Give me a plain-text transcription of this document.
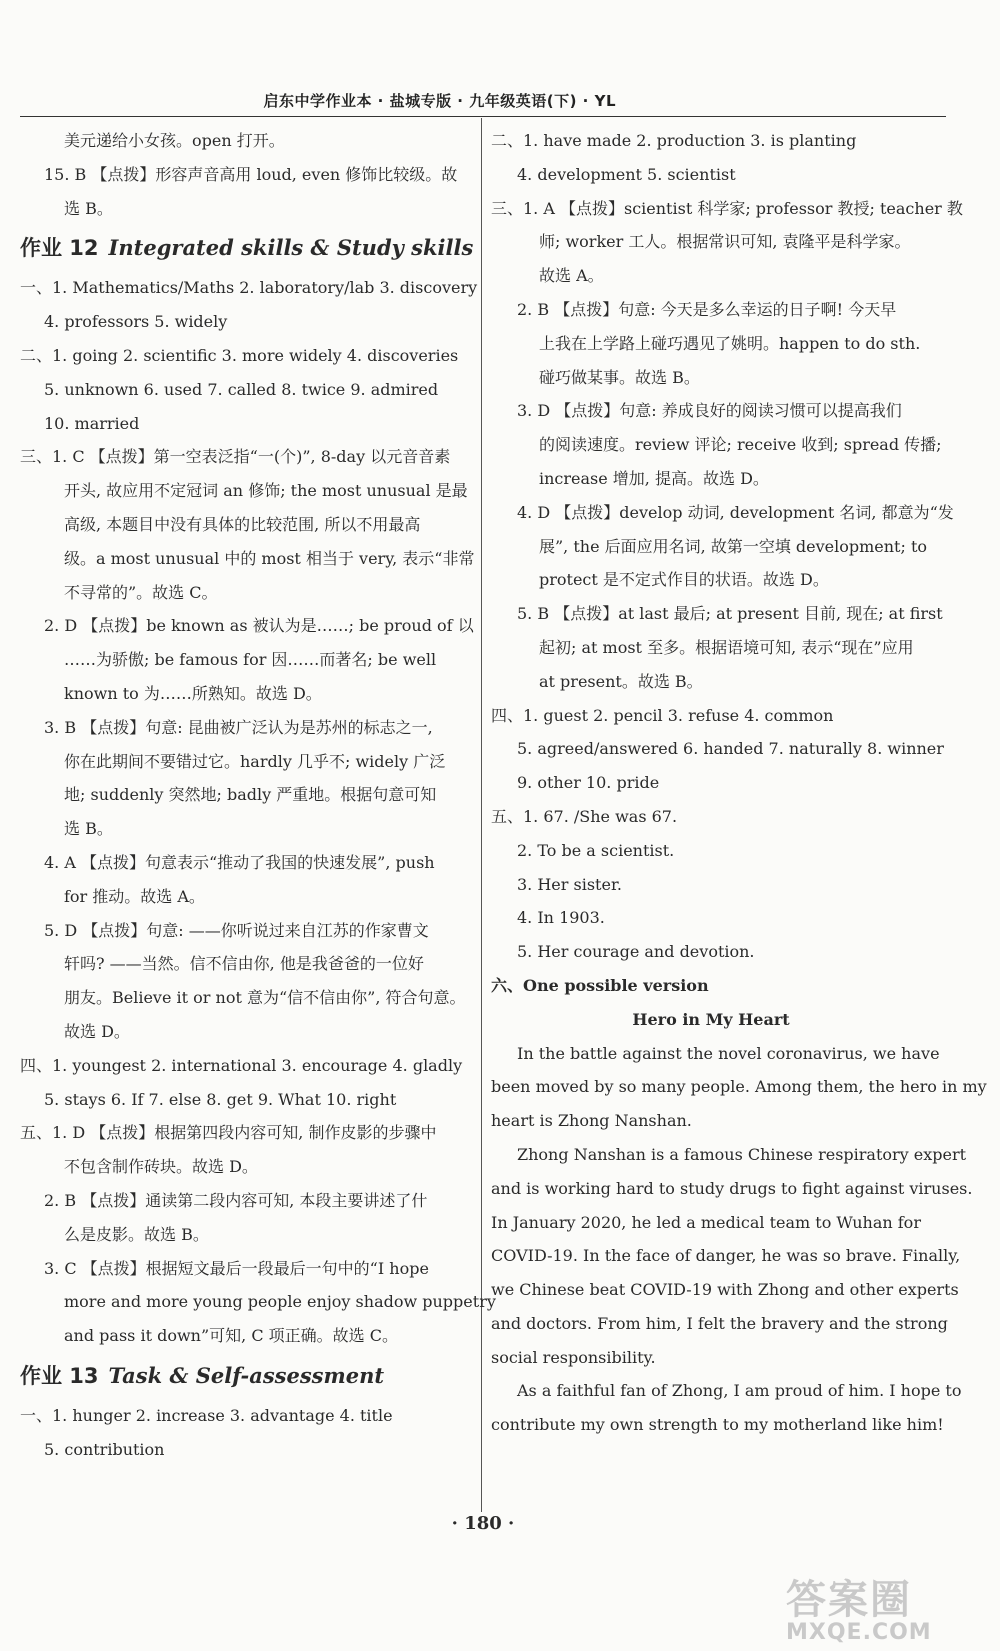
启东中学作业本 · 盐城专版 · 九年级英语(下) · YL
美元递给小女孩。open 打开。
15. B 【点拨】形容声音高用 loud, even 修饰比较级。故
选 B。
作业 12 Integrated skills & Study skills
一、1. Mathematics/Maths 2. laboratory/lab 3. discovery
4. professors 5. widely
二、1. going 2. scientific 3. more widely 4. discoveries
5. unknown 6. used 7. called 8. twice 9. admired
10. married
三、1. C 【点拨】第一空表泛指“一(个)”, 8-day 以元音音素
开头, 故应用不定冠词 an 修饰; the most unusual 是最
高级, 本题目中没有具体的比较范围, 所以不用最高
级。a most unusual 中的 most 相当于 very, 表示“非常
不寻常的”。故选 C。
2. D 【点拨】be known as 被认为是……; be proud of 以
……为骄傲; be famous for 因……而著名; be well
known to 为……所熟知。故选 D。
3. B 【点拨】句意: 昆曲被广泛认为是苏州的标志之一,
你在此期间不要错过它。hardly 几乎不; widely 广泛
地; suddenly 突然地; badly 严重地。根据句意可知
选 B。
4. A 【点拨】句意表示“推动了我国的快速发展”, push
for 推动。故选 A。
5. D 【点拨】句意: ——你听说过来自江苏的作家曹文
轩吗? ——当然。信不信由你, 他是我爸爸的一位好
朋友。Believe it or not 意为“信不信由你”, 符合句意。
故选 D。
四、1. youngest 2. international 3. encourage 4. gladly
5. stays 6. If 7. else 8. get 9. What 10. right
五、1. D 【点拨】根据第四段内容可知, 制作皮影的步骤中
不包含制作砖块。故选 D。
2. B 【点拨】通读第二段内容可知, 本段主要讲述了什
么是皮影。故选 B。
3. C 【点拨】根据短文最后一段最后一句中的“I hope
more and more young people enjoy shadow puppetry
and pass it down”可知, C 项正确。故选 C。
作业 13 Task & Self-assessment
一、1. hunger 2. increase 3. advantage 4. title
5. contribution
二、1. have made 2. production 3. is planting
4. development 5. scientist
三、1. A 【点拨】scientist 科学家; professor 教授; teacher 教
师; worker 工人。根据常识可知, 袁隆平是科学家。
故选 A。
2. B 【点拨】句意: 今天是多么幸运的日子啊! 今天早
上我在上学路上碰巧遇见了姚明。happen to do sth.
碰巧做某事。故选 B。
3. D 【点拨】句意: 养成良好的阅读习惯可以提高我们
的阅读速度。review 评论; receive 收到; spread 传播;
increase 增加, 提高。故选 D。
4. D 【点拨】develop 动词, development 名词, 都意为“发
展”, the 后面应用名词, 故第一空填 development; to
protect 是不定式作目的状语。故选 D。
5. B 【点拨】at last 最后; at present 目前, 现在; at first
起初; at most 至多。根据语境可知, 表示“现在”应用
at present。故选 B。
四、1. guest 2. pencil 3. refuse 4. common
5. agreed/answered 6. handed 7. naturally 8. winner
9. other 10. pride
五、1. 67. /She was 67.
2. To be a scientist.
3. Her sister.
4. In 1903.
5. Her courage and devotion.
六、One possible version
Hero in My Heart
In the battle against the novel coronavirus, we have
been moved by so many people. Among them, the hero in my
heart is Zhong Nanshan.
Zhong Nanshan is a famous Chinese respiratory expert
and is working hard to study drugs to fight against viruses.
In January 2020, he led a medical team to Wuhan for
COVID-19. In the face of danger, he was so brave. Finally,
we Chinese beat COVID-19 with Zhong and other experts
and doctors. From him, I felt the bravery and the strong
social responsibility.
As a faithful fan of Zhong, I am proud of him. I hope to
contribute my own strength to my motherland like him!
· 180 ·
答案圈
MXQE.COM
